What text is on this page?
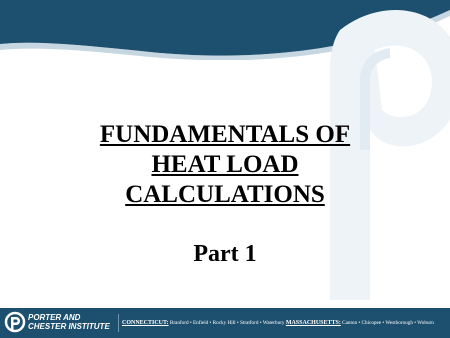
FUNDAMENTALS OF
HEAT LOAD
CALCULATIONS
Part 1
PORTER AND
CHESTER INSTITUTE CONNECTICUT: Branford • Enfield • Rocky Hill • Stratford • Waterbury MASSACHUSETTS: Canton • Chicopee • Westborough • Woburn
